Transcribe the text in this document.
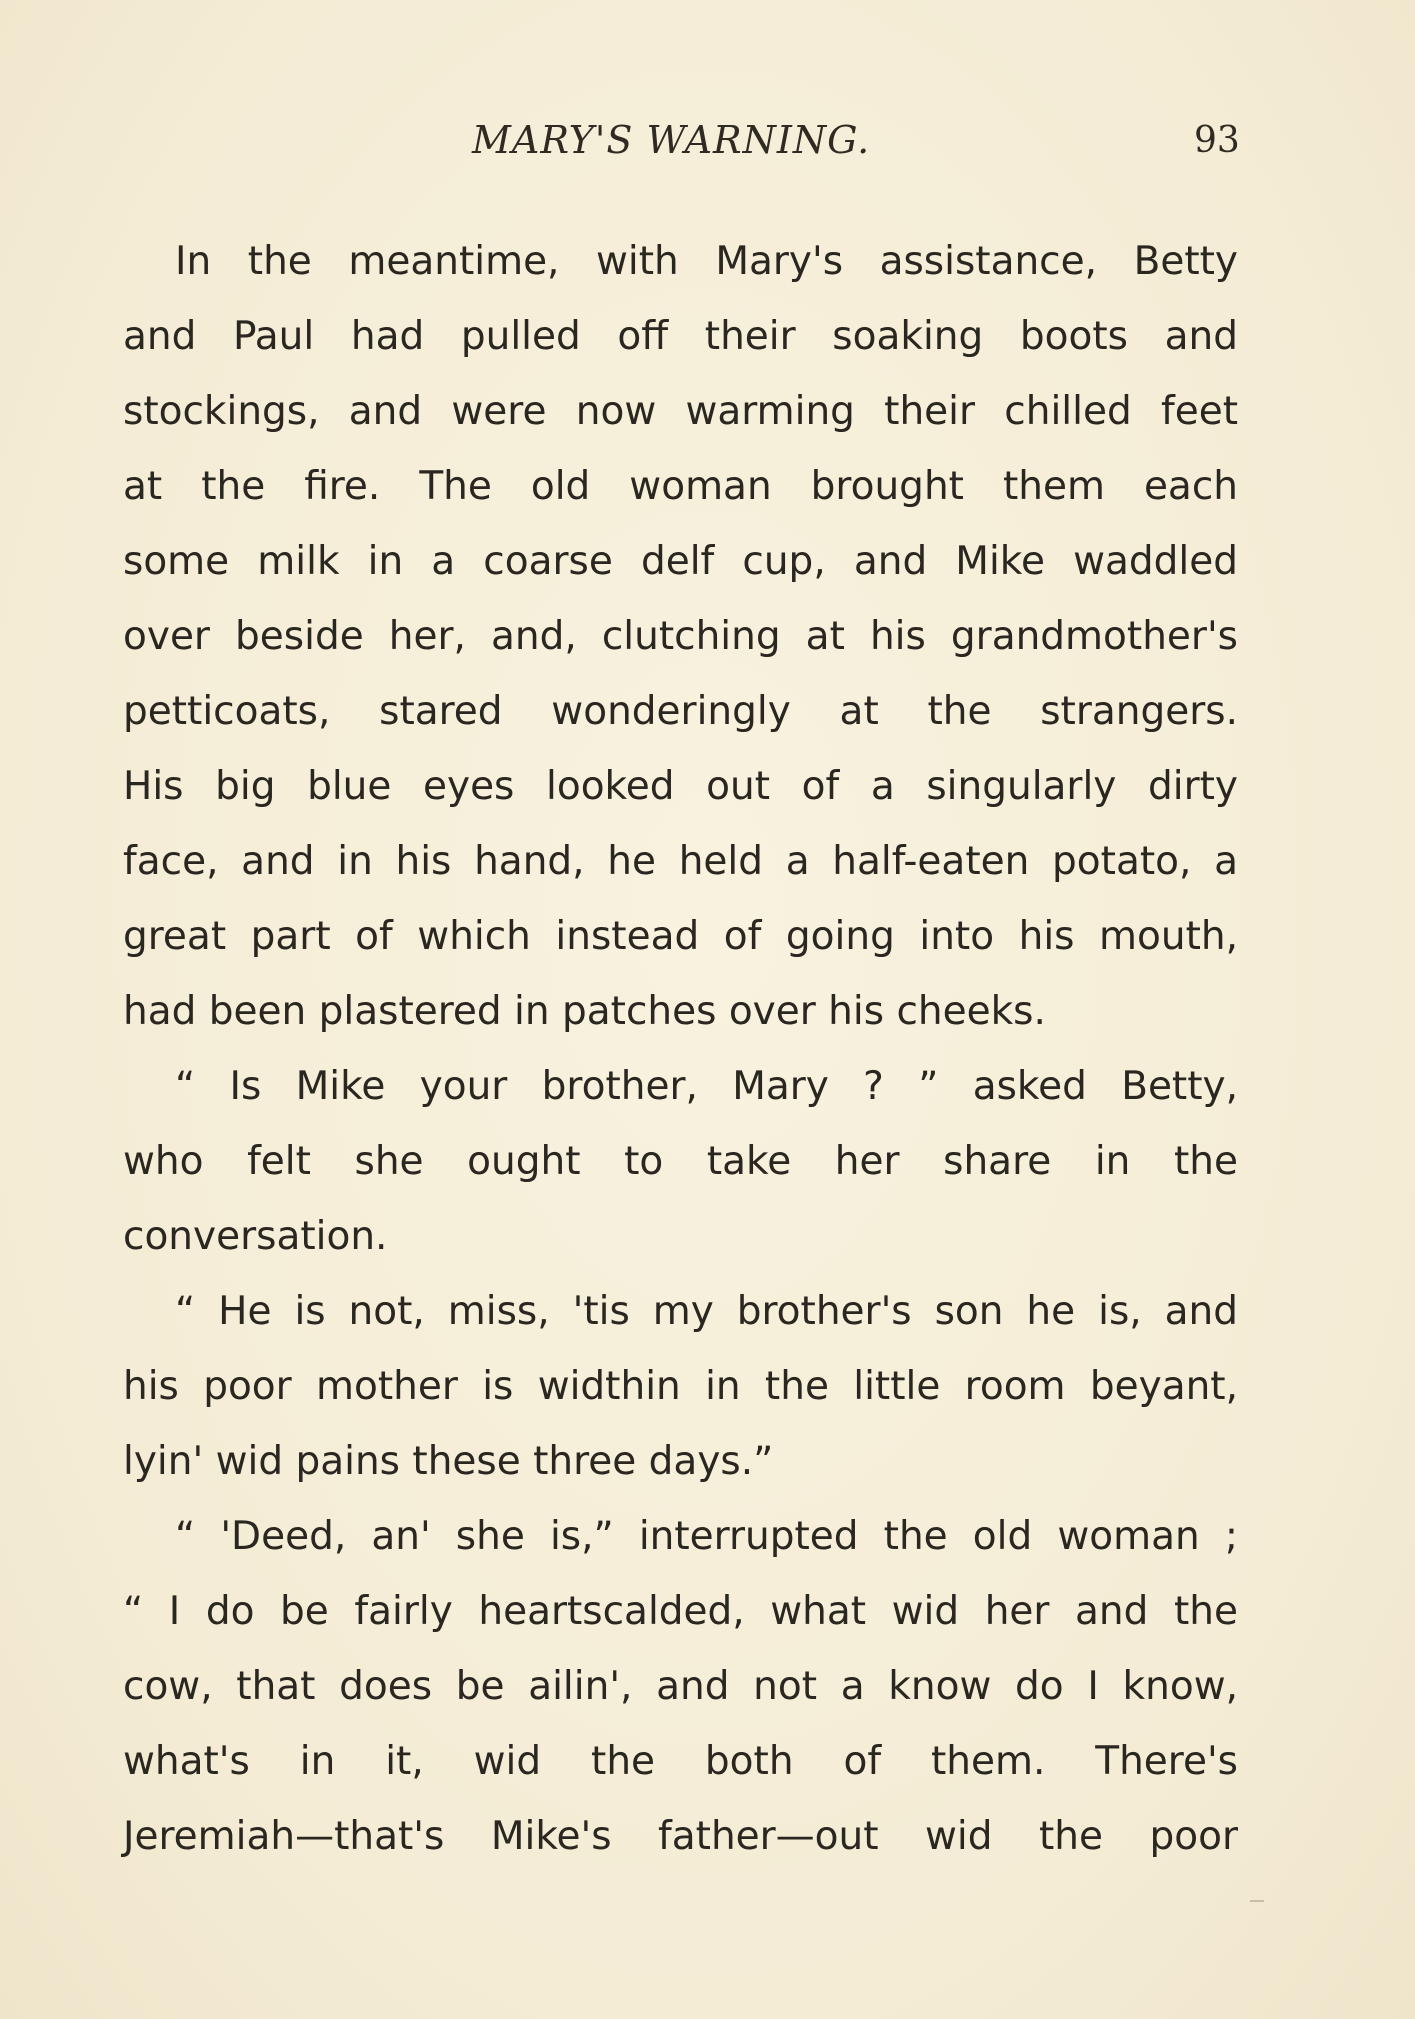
MARY'S WARNING.	93
In the meantime, with Mary's assistance, Betty
and Paul had pulled off their soaking boots and
stockings, and were now warming their chilled feet
at the fire. The old woman brought them each
some milk in a coarse delf cup, and Mike waddled
over beside her, and, clutching at his grandmother's
petticoats, stared wonderingly at the strangers.
His big blue eyes looked out of a singularly dirty
face, and in his hand, he held a half-eaten potato, a
great part of which instead of going into his mouth,
had been plastered in patches over his cheeks.
“ Is Mike your brother, Mary ? ” asked Betty,
who felt she ought to take her share in the
conversation.
“ He is not, miss, 'tis my brother's son he is, and
his poor mother is widthin in the little room beyant,
lyin' wid pains these three days.”
“ 'Deed, an' she is,” interrupted the old woman ;
“ I do be fairly heartscalded, what wid her and the
cow, that does be ailin', and not a know do I know,
what's in it, wid the both of them. There's
Jeremiah—that's Mike's father—out wid the poor
